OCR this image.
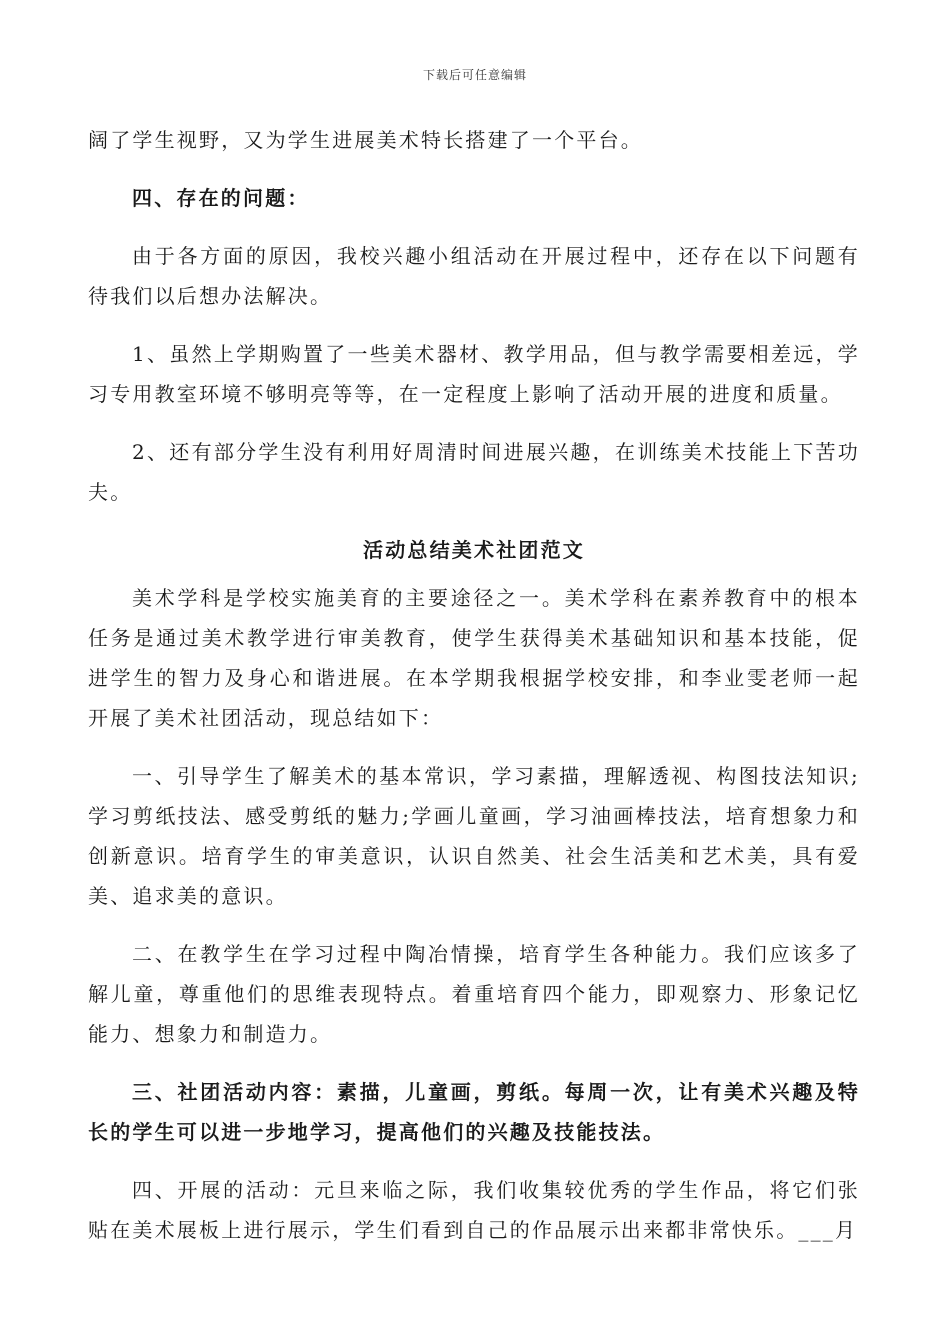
下载后可任意编辑

阔了学生视野，又为学生进展美术特长搭建了一个平台。

四、存在的问题：

由于各方面的原因，我校兴趣小组活动在开展过程中，还存在以下问题有待我们以后想办法解决。

1、虽然上学期购置了一些美术器材、教学用品，但与教学需要相差远，学习专用教室环境不够明亮等等，在一定程度上影响了活动开展的进度和质量。

2、还有部分学生没有利用好周清时间进展兴趣，在训练美术技能上下苦功夫。

活动总结美术社团范文

美术学科是学校实施美育的主要途径之一。美术学科在素养教育中的根本任务是通过美术教学进行审美教育，使学生获得美术基础知识和基本技能，促进学生的智力及身心和谐进展。在本学期我根据学校安排，和李业雯老师一起开展了美术社团活动，现总结如下：

一、引导学生了解美术的基本常识，学习素描，理解透视、构图技法知识;学习剪纸技法、感受剪纸的魅力;学画儿童画，学习油画棒技法，培育想象力和创新意识。培育学生的审美意识，认识自然美、社会生活美和艺术美，具有爱美、追求美的意识。

二、在教学生在学习过程中陶冶情操，培育学生各种能力。我们应该多了解儿童，尊重他们的思维表现特点。着重培育四个能力，即观察力、形象记忆能力、想象力和制造力。

三、社团活动内容：素描，儿童画，剪纸。每周一次，让有美术兴趣及特长的学生可以进一步地学习，提高他们的兴趣及技能技法。

四、开展的活动：元旦来临之际，我们收集较优秀的学生作品，将它们张贴在美术展板上进行展示，学生们看到自己的作品展示出来都非常快乐。___月
